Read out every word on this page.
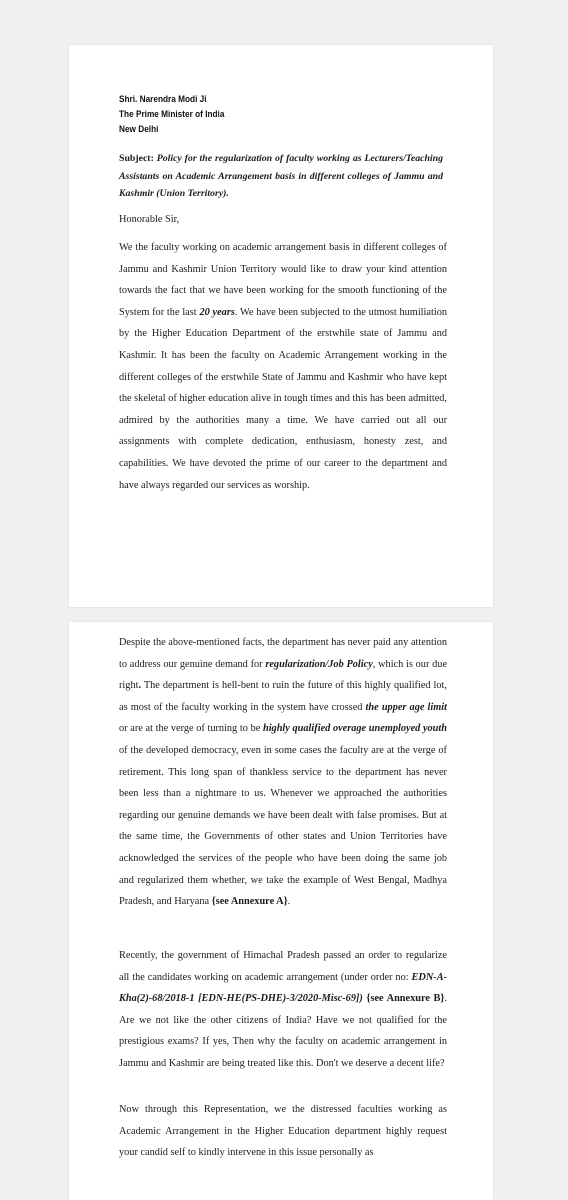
Shri. Narendra Modi Ji
The Prime Minister of India
New Delhi
Subject: Policy for the regularization of faculty working as Lecturers/Teaching Assistants on Academic Arrangement basis in different colleges of Jammu and Kashmir (Union Territory).
Honorable Sir,
We the faculty working on academic arrangement basis in different colleges of Jammu and Kashmir Union Territory would like to draw your kind attention towards the fact that we have been working for the smooth functioning of the System for the last 20 years. We have been subjected to the utmost humiliation by the Higher Education Department of the erstwhile state of Jammu and Kashmir. It has been the faculty on Academic Arrangement working in the different colleges of the erstwhile State of Jammu and Kashmir who have kept the skeletal of higher education alive in tough times and this has been admitted, admired by the authorities many a time. We have carried out all our assignments with complete dedication, enthusiasm, honesty zest, and capabilities. We have devoted the prime of our career to the department and have always regarded our services as worship.
Despite the above-mentioned facts, the department has never paid any attention to address our genuine demand for regularization/Job Policy, which is our due right. The department is hell-bent to ruin the future of this highly qualified lot, as most of the faculty working in the system have crossed the upper age limit or are at the verge of turning to be highly qualified overage unemployed youth of the developed democracy, even in some cases the faculty are at the verge of retirement. This long span of thankless service to the department has never been less than a nightmare to us. Whenever we approached the authorities regarding our genuine demands we have been dealt with false promises. But at the same time, the Governments of other states and Union Territories have acknowledged the services of the people who have been doing the same job and regularized them whether, we take the example of West Bengal, Madhya Pradesh, and Haryana {see Annexure A}.
Recently, the government of Himachal Pradesh passed an order to regularize all the candidates working on academic arrangement (under order no: EDN-A-Kha(2)-68/2018-1 [EDN-HE(PS-DHE)-3/2020-Misc-69]) {see Annexure B}. Are we not like the other citizens of India? Have we not qualified for the prestigious exams? If yes, Then why the faculty on academic arrangement in Jammu and Kashmir are being treated like this. Don't we deserve a decent life?
Now through this Representation, we the distressed faculties working as Academic Arrangement in the Higher Education department highly request your candid self to kindly intervene in this issue personally as
